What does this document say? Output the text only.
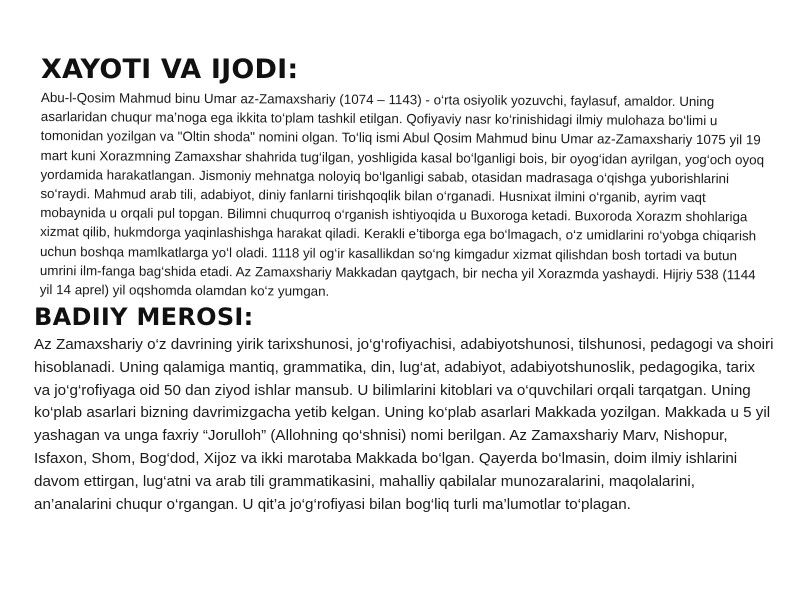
XAYOTI VA IJODI:

Abu-l-Qosim Mahmud binu Umar az-Zamaxshariy (1074 – 1143) - o‘rta osiyolik yozuvchi, faylasuf, amaldor. Uning asarlaridan chuqur ma’noga ega ikkita to‘plam tashkil etilgan. Qofiyaviy nasr ko‘rinishidagi ilmiy mulohaza bo‘limi u tomonidan yozilgan va "Oltin shoda" nomini olgan. To‘liq ismi Abul Qosim Mahmud binu Umar az-Zamaxshariy 1075 yil 19 mart kuni Xorazmning Zamaxshar shahrida tug‘ilgan, yoshligida kasal bo‘lganligi bois, bir oyog‘idan ayrilgan, yog‘och oyoq yordamida harakatlangan. Jismoniy mehnatga noloyiq bo‘lganligi sabab, otasidan madrasaga o‘qishga yuborishlarini so‘raydi. Mahmud arab tili, adabiyot, diniy fanlarni tirishqoqlik bilan o‘rganadi. Husnixat ilmini o‘rganib, ayrim vaqt mobaynida u orqali pul topgan. Bilimni chuqurroq o‘rganish ishtiyoqida u Buxoroga ketadi. Buxoroda Xorazm shohlariga xizmat qilib, hukmdorga yaqinlashishga harakat qiladi. Kerakli e’tiborga ega bo‘lmagach, o‘z umidlarini ro‘yobga chiqarish uchun boshqa mamlkatlarga yo‘l oladi. 1118 yil og‘ir kasallikdan so‘ng kimgadur xizmat qilishdan bosh tortadi va butun umrini ilm-fanga bag‘shida etadi. Az Zamaxshariy Makkadan qaytgach, bir necha yil Xorazmda yashaydi. Hijriy 538 (1144 yil 14 aprel) yil oqshomda olamdan ko‘z yumgan.

BADIIY MEROSI:

Az Zamaxshariy o‘z davrining yirik tarixshunosi, jo‘g‘rofiyachisi, adabiyotshunosi, tilshunosi, pedagogi va shoiri hisoblanadi. Uning qalamiga mantiq, grammatika, din, lug‘at, adabiyot, adabiyotshunoslik, pedagogika, tarix va jo‘g‘rofiyaga oid 50 dan ziyod ishlar mansub. U bilimlarini kitoblari va o‘quvchilari orqali tarqatgan. Uning ko‘plab asarlari bizning davrimizgacha yetib kelgan. Uning ko‘plab asarlari Makkada yozilgan. Makkada u 5 yil yashagan va unga faxriy “Jorulloh” (Allohning qo‘shnisi) nomi berilgan. Az Zamaxshariy Marv, Nishopur, Isfaxon, Shom, Bog‘dod, Xijoz va ikki marotaba Makkada bo‘lgan. Qayerda bo‘lmasin, doim ilmiy ishlarini davom ettirgan, lug‘atni va arab tili grammatikasini, mahalliy qabilalar munozaralarini, maqolalarini, an’analarini chuqur o‘rgangan. U qit’a jo‘g‘rofiyasi bilan bog‘liq turli ma’lumotlar to‘plagan.
